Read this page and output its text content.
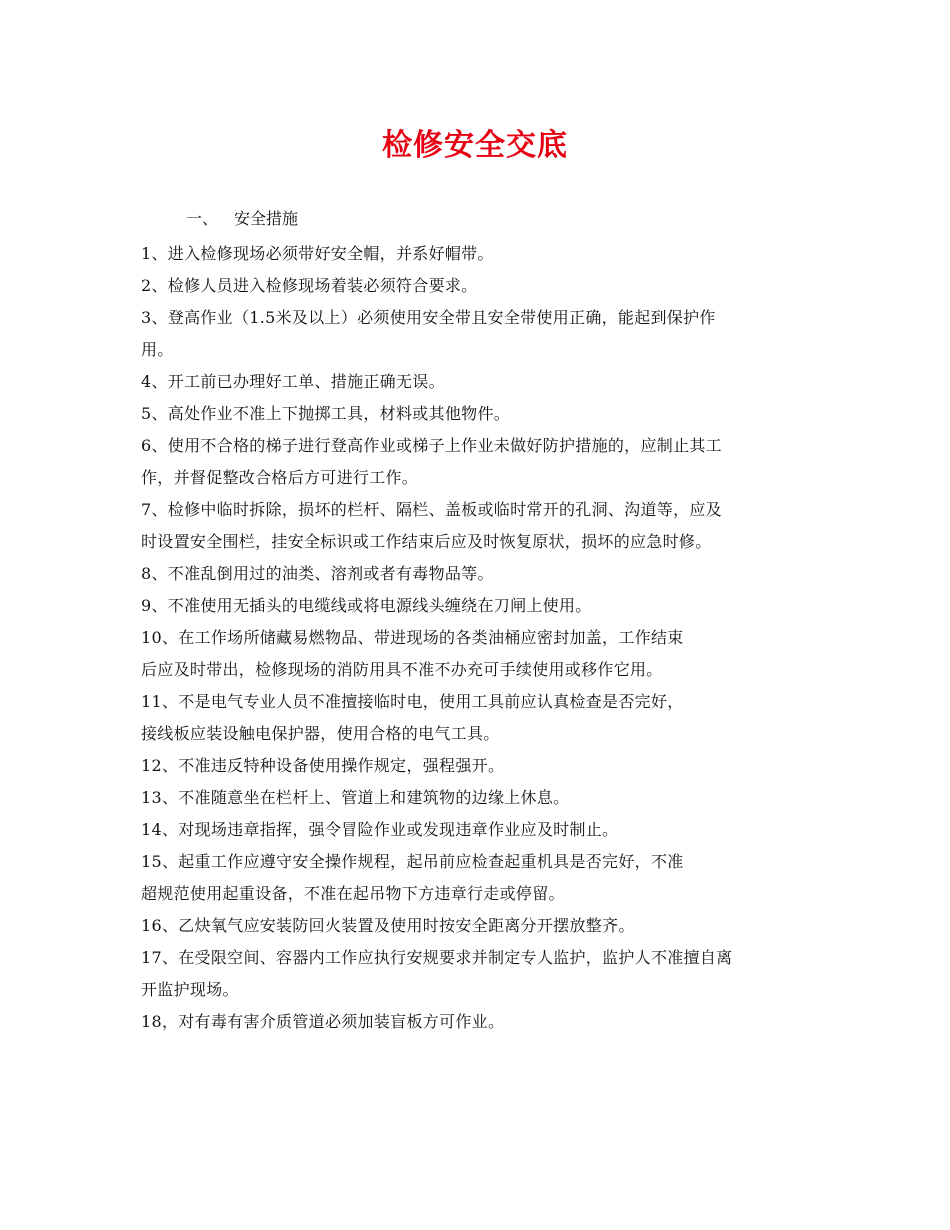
检修安全交底
一、 安全措施
1、进入检修现场必须带好安全帽，并系好帽带。
2、检修人员进入检修现场着装必须符合要求。
3、登高作业（1.5米及以上）必须使用安全带且安全带使用正确，能起到保护作
用。
4、开工前已办理好工单、措施正确无误。
5、高处作业不准上下抛掷工具，材料或其他物件。
6、使用不合格的梯子进行登高作业或梯子上作业未做好防护措施的，应制止其工
作，并督促整改合格后方可进行工作。
7、检修中临时拆除，损坏的栏杆、隔栏、盖板或临时常开的孔洞、沟道等，应及
时设置安全围栏，挂安全标识或工作结束后应及时恢复原状，损坏的应急时修。
8、不准乱倒用过的油类、溶剂或者有毒物品等。
9、不准使用无插头的电缆线或将电源线头缠绕在刀闸上使用。
10、在工作场所储藏易燃物品、带进现场的各类油桶应密封加盖，工作结束
后应及时带出，检修现场的消防用具不准不办充可手续使用或移作它用。
11、不是电气专业人员不准擅接临时电，使用工具前应认真检查是否完好，
接线板应装设触电保护器，使用合格的电气工具。
12、不准违反特种设备使用操作规定，强程强开。
13、不准随意坐在栏杆上、管道上和建筑物的边缘上休息。
14、对现场违章指挥，强令冒险作业或发现违章作业应及时制止。
15、起重工作应遵守安全操作规程，起吊前应检查起重机具是否完好，不准
超规范使用起重设备，不准在起吊物下方违章行走或停留。
16、乙炔氧气应安装防回火装置及使用时按安全距离分开摆放整齐。
17、在受限空间、容器内工作应执行安规要求并制定专人监护，监护人不准擅自离
开监护现场。
18，对有毒有害介质管道必须加装盲板方可作业。
